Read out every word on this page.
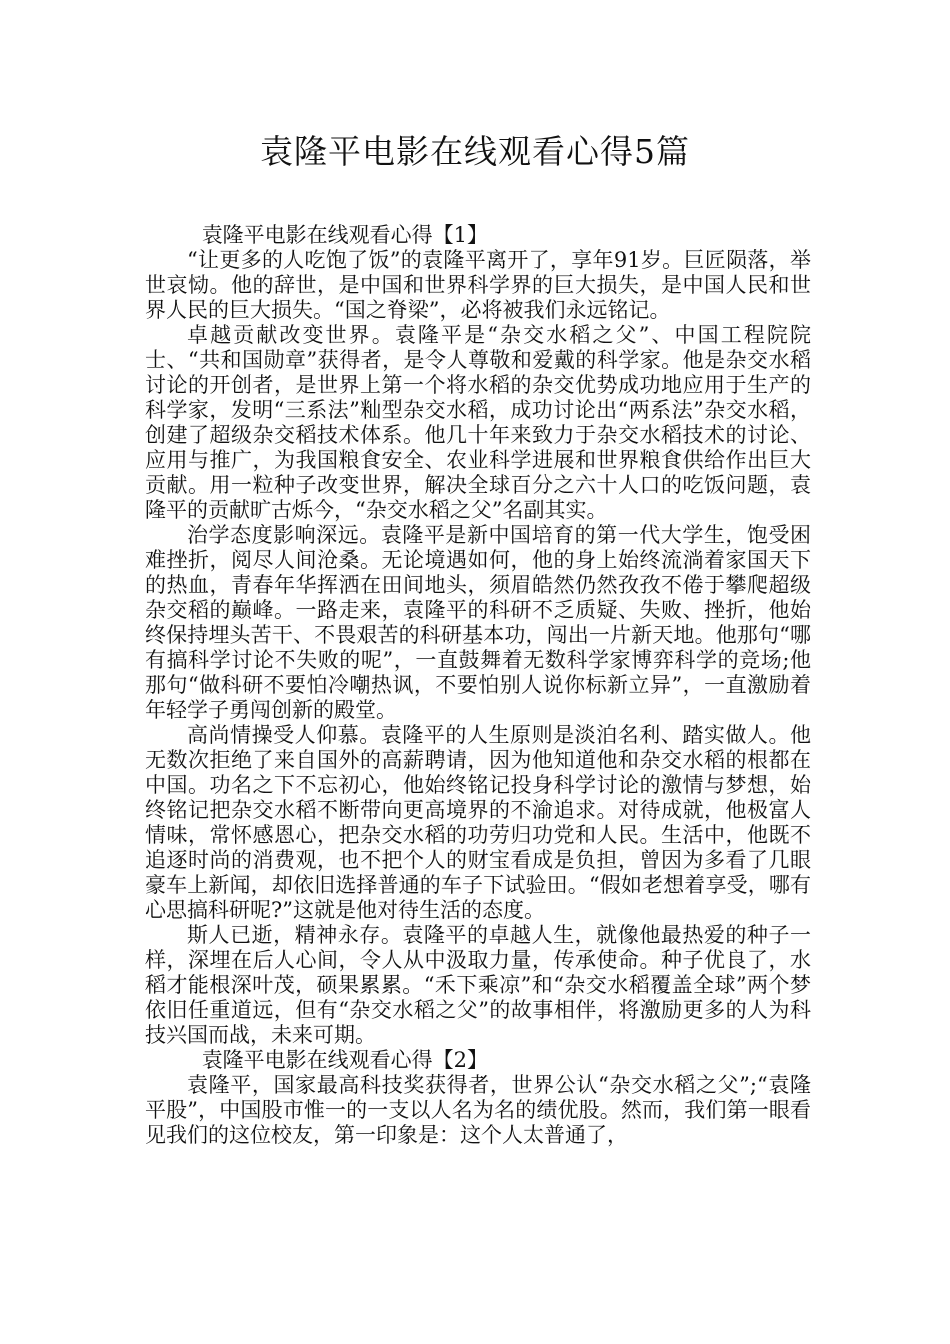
袁隆平电影在线观看心得5篇

袁隆平电影在线观看心得【1】

“让更多的人吃饱了饭”的袁隆平离开了，享年91岁。巨匠陨落，举世哀恸。他的辞世，是中国和世界科学界的巨大损失，是中国人民和世界人民的巨大损失。“国之脊梁”，必将被我们永远铭记。

卓越贡献改变世界。袁隆平是“杂交水稻之父”、中国工程院院士、“共和国勋章”获得者，是令人尊敬和爱戴的科学家。他是杂交水稻讨论的开创者，是世界上第一个将水稻的杂交优势成功地应用于生产的科学家，发明“三系法”籼型杂交水稻，成功讨论出“两系法”杂交水稻，创建了超级杂交稻技术体系。他几十年来致力于杂交水稻技术的讨论、应用与推广，为我国粮食安全、农业科学进展和世界粮食供给作出巨大贡献。用一粒种子改变世界，解决全球百分之六十人口的吃饭问题，袁隆平的贡献旷古烁今，“杂交水稻之父”名副其实。

治学态度影响深远。袁隆平是新中国培育的第一代大学生，饱受困难挫折，阅尽人间沧桑。无论境遇如何，他的身上始终流淌着家国天下的热血，青春年华挥洒在田间地头，须眉皓然仍然孜孜不倦于攀爬超级杂交稻的巅峰。一路走来，袁隆平的科研不乏质疑、失败、挫折，他始终保持埋头苦干、不畏艰苦的科研基本功，闯出一片新天地。他那句“哪有搞科学讨论不失败的呢”，一直鼓舞着无数科学家博弈科学的竞场;他那句“做科研不要怕冷嘲热讽，不要怕别人说你标新立异”，一直激励着年轻学子勇闯创新的殿堂。

高尚情操受人仰慕。袁隆平的人生原则是淡泊名利、踏实做人。他无数次拒绝了来自国外的高薪聘请，因为他知道他和杂交水稻的根都在中国。功名之下不忘初心，他始终铭记投身科学讨论的激情与梦想，始终铭记把杂交水稻不断带向更高境界的不渝追求。对待成就，他极富人情味，常怀感恩心，把杂交水稻的功劳归功党和人民。生活中，他既不追逐时尚的消费观，也不把个人的财宝看成是负担，曾因为多看了几眼豪车上新闻，却依旧选择普通的车子下试验田。“假如老想着享受，哪有心思搞科研呢?”这就是他对待生活的态度。

斯人已逝，精神永存。袁隆平的卓越人生，就像他最热爱的种子一样，深埋在后人心间，令人从中汲取力量，传承使命。种子优良了，水稻才能根深叶茂，硕果累累。“禾下乘凉”和“杂交水稻覆盖全球”两个梦依旧任重道远，但有“杂交水稻之父”的故事相伴，将激励更多的人为科技兴国而战，未来可期。

袁隆平电影在线观看心得【2】

袁隆平，国家最高科技奖获得者，世界公认“杂交水稻之父”;“袁隆平股”，中国股市惟一的一支以人名为名的绩优股。然而，我们第一眼看见我们的这位校友，第一印象是：这个人太普通了，
